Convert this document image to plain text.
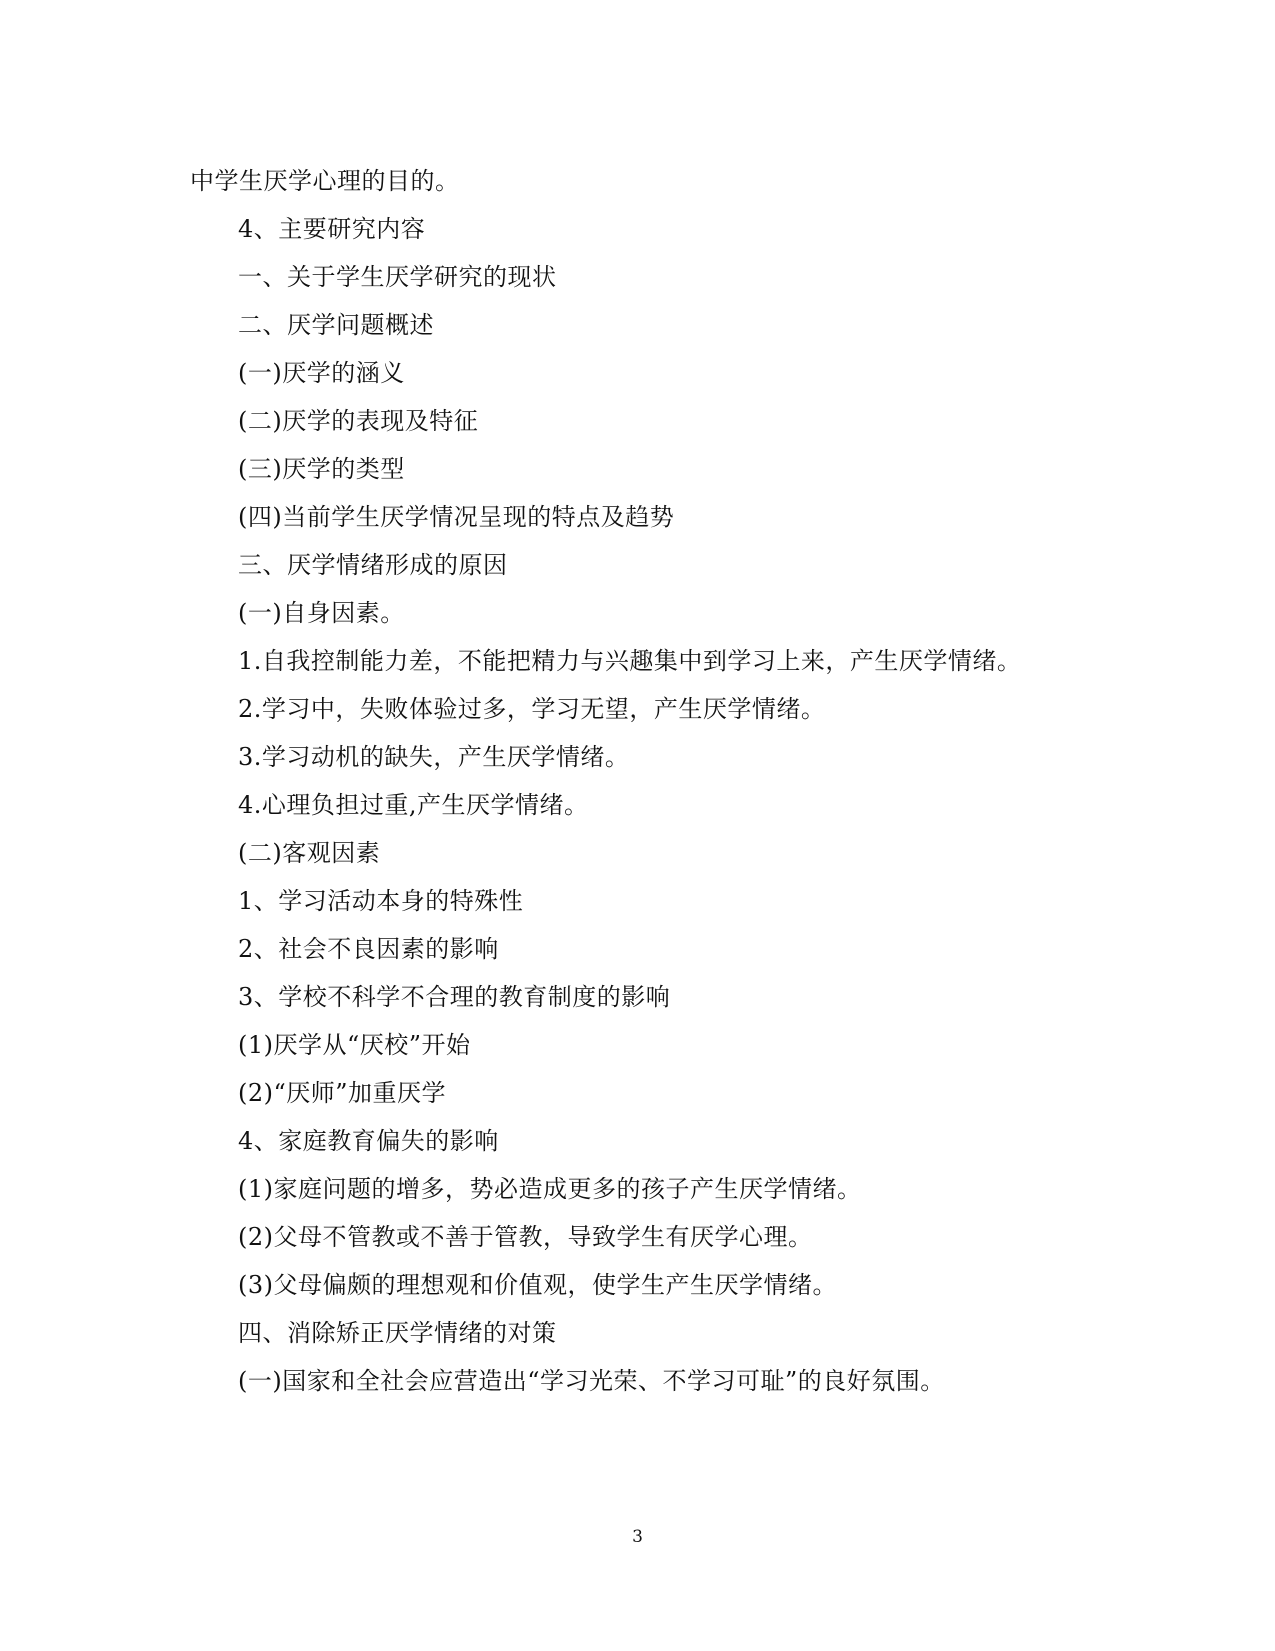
中学生厌学心理的目的。
4、主要研究内容
一、关于学生厌学研究的现状
二、厌学问题概述
(一)厌学的涵义
(二)厌学的表现及特征
(三)厌学的类型
(四)当前学生厌学情况呈现的特点及趋势
三、厌学情绪形成的原因
(一)自身因素。
1.自我控制能力差，不能把精力与兴趣集中到学习上来，产生厌学情绪。
2.学习中，失败体验过多，学习无望，产生厌学情绪。
3.学习动机的缺失，产生厌学情绪。
4.心理负担过重,产生厌学情绪。
(二)客观因素
1、学习活动本身的特殊性
2、社会不良因素的影响
3、学校不科学不合理的教育制度的影响
(1)厌学从“厌校”开始
(2)“厌师”加重厌学
4、家庭教育偏失的影响
(1)家庭问题的增多，势必造成更多的孩子产生厌学情绪。
(2)父母不管教或不善于管教，导致学生有厌学心理。
(3)父母偏颇的理想观和价值观，使学生产生厌学情绪。
四、消除矫正厌学情绪的对策
(一)国家和全社会应营造出“学习光荣、不学习可耻”的良好氛围。
3
